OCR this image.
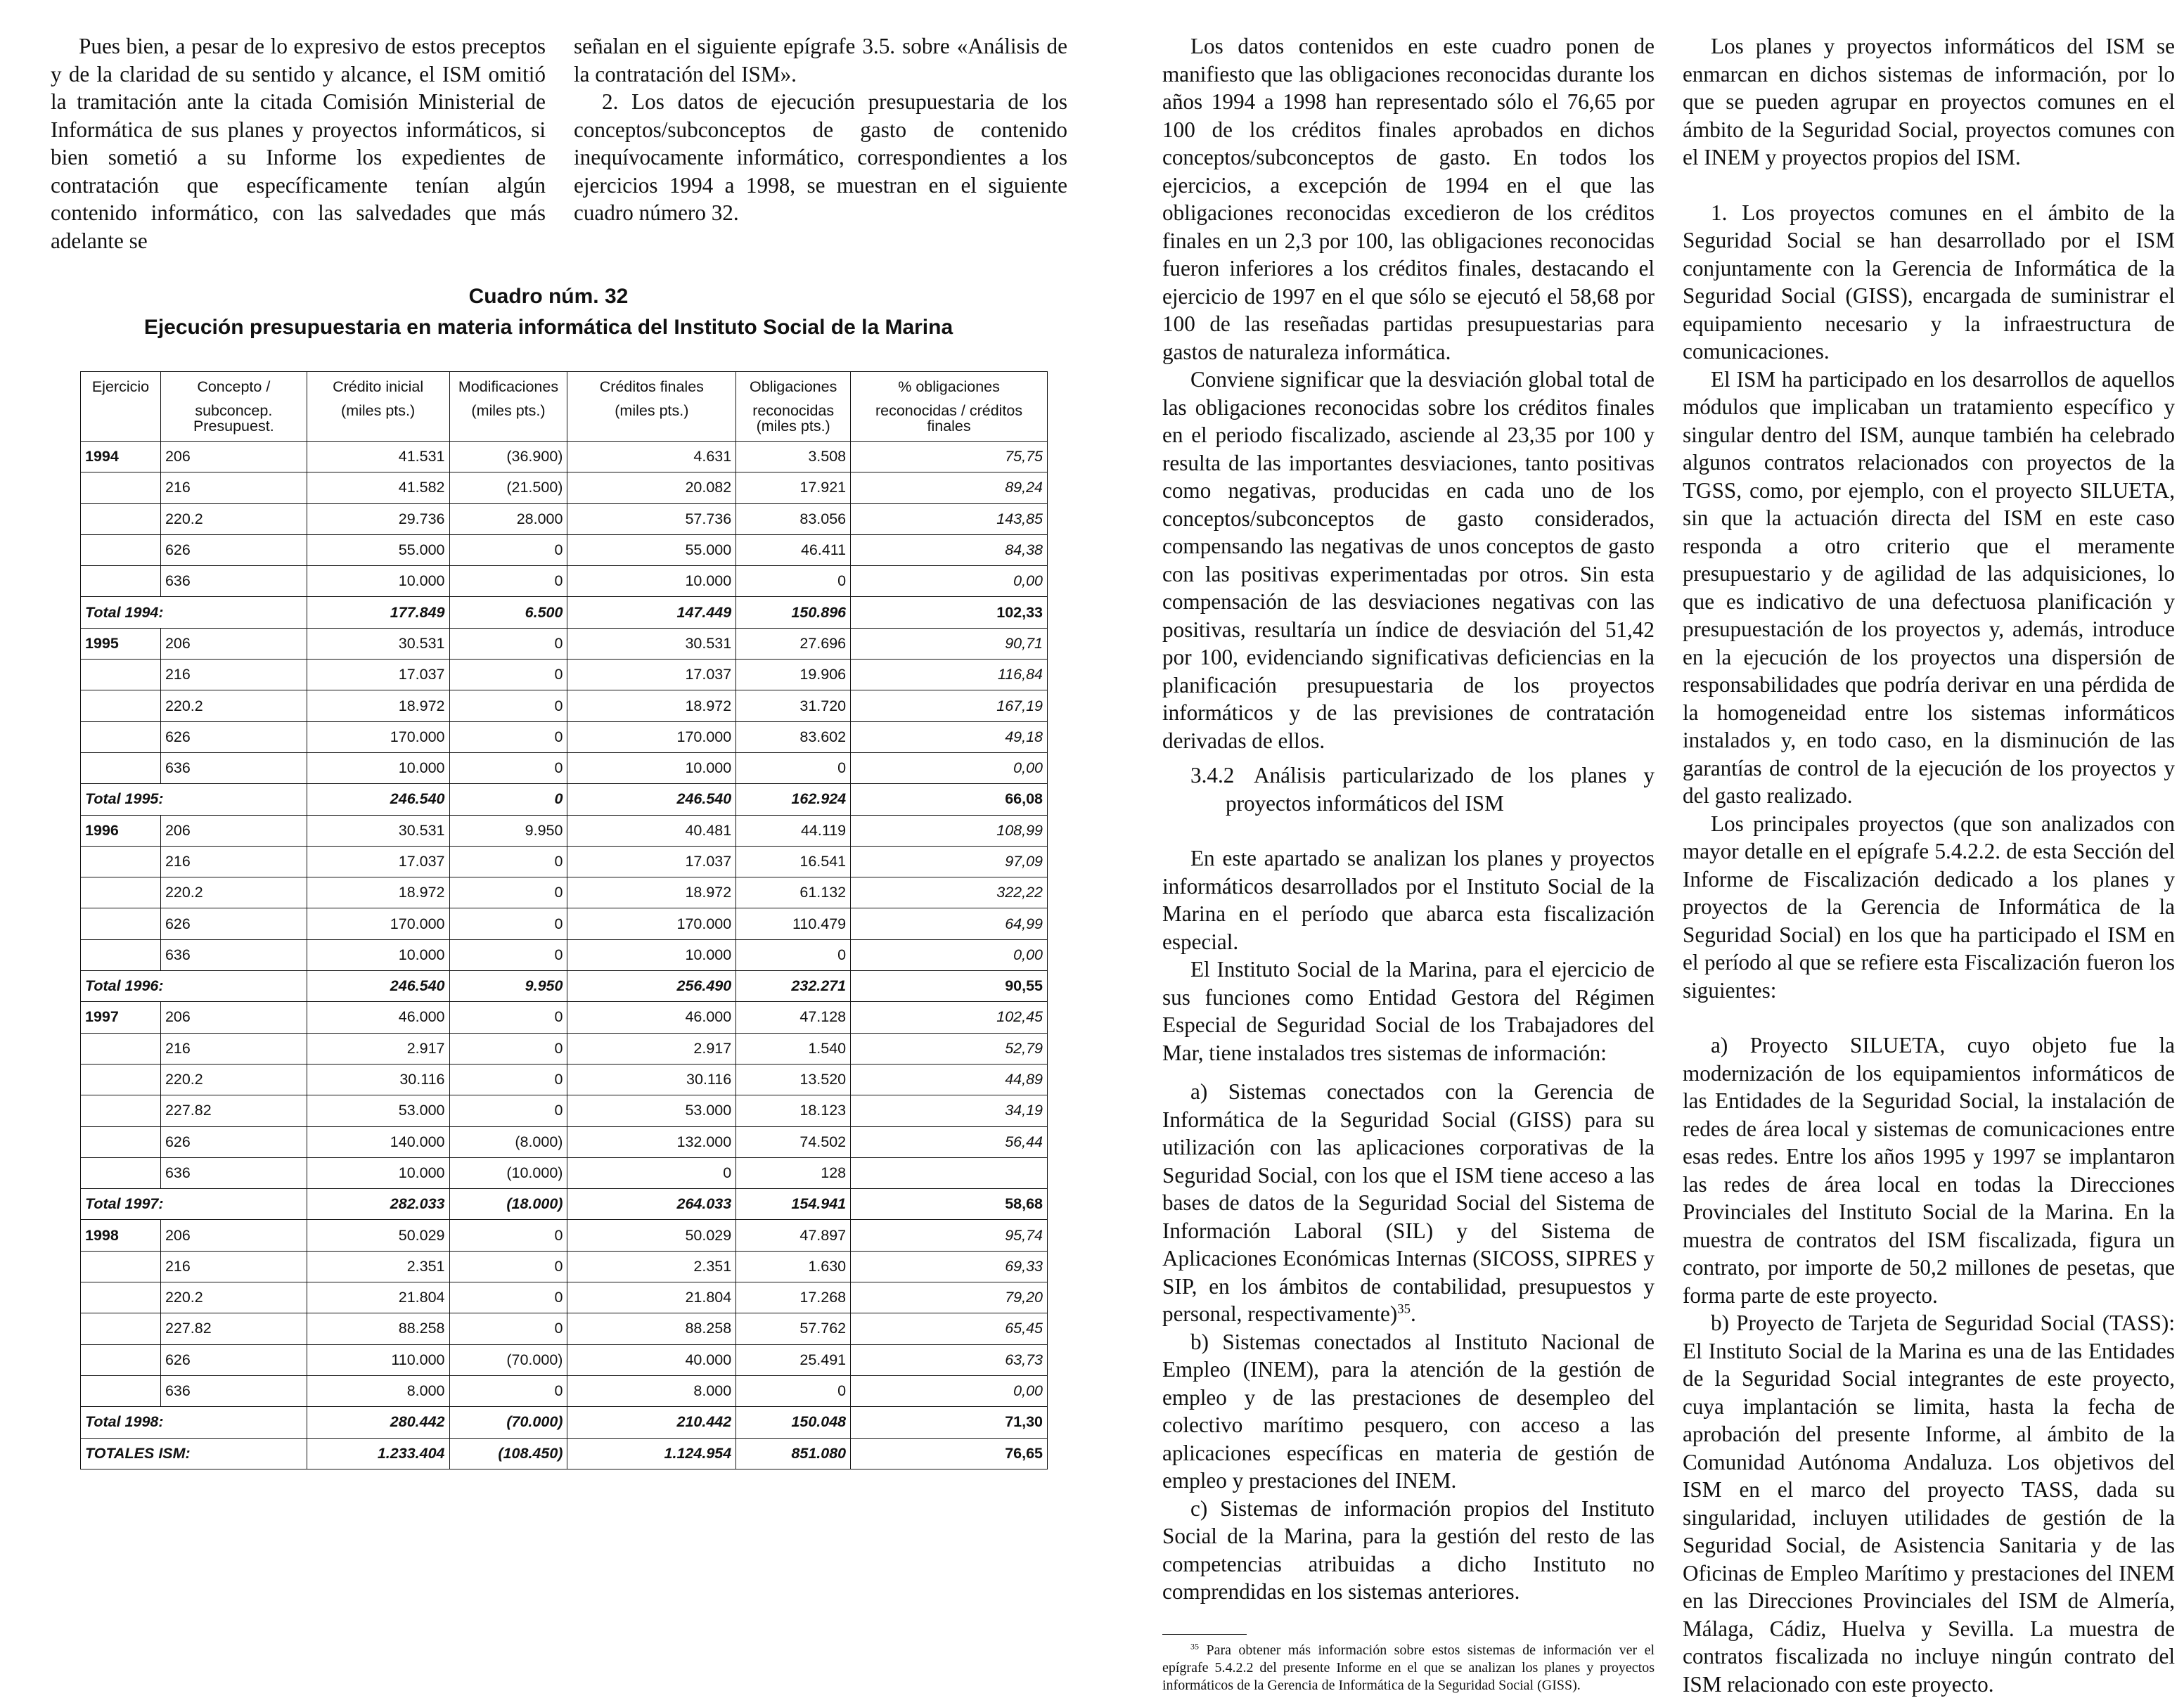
Pues bien, a pesar de lo expresivo de estos preceptos y de la claridad de su sentido y alcance, el ISM omitió la tramitación ante la citada Comisión Ministerial de Informática de sus planes y proyectos informáticos, si bien sometió a su Informe los expedientes de contratación que específicamente tenían algún contenido informático, con las salvedades que más adelante se

señalan en el siguiente epígrafe 3.5. sobre «Análisis de la contratación del ISM».

2. Los datos de ejecución presupuestaria de los conceptos/subconceptos de gasto de contenido inequívocamente informático, correspondientes a los ejercicios 1994 a 1998, se muestran en el siguiente cuadro número 32.

Cuadro núm. 32
Ejecución presupuestaria en materia informática del Instituto Social de la Marina
Ejercicio	Concepto /	Crédito inicial	Modificaciones	Créditos finales	Obligaciones	% obligaciones
	subconcep.	(miles pts.)	(miles pts.)	(miles pts.)	reconocidas	reconocidas / créditos
	Presupuest.				(miles pts.)	finales
1994	206	41.531	(36.900)	4.631	3.508	75,75
	216	41.582	(21.500)	20.082	17.921	89,24
	220.2	29.736	28.000	57.736	83.056	143,85
	626	55.000	0	55.000	46.411	84,38
	636	10.000	0	10.000	0	0,00
Total 1994:		177.849	6.500	147.449	150.896	102,33
1995	206	30.531	0	30.531	27.696	90,71
	216	17.037	0	17.037	19.906	116,84
	220.2	18.972	0	18.972	31.720	167,19
	626	170.000	0	170.000	83.602	49,18
	636	10.000	0	10.000	0	0,00
Total 1995:		246.540	0	246.540	162.924	66,08
1996	206	30.531	9.950	40.481	44.119	108,99
	216	17.037	0	17.037	16.541	97,09
	220.2	18.972	0	18.972	61.132	322,22
	626	170.000	0	170.000	110.479	64,99
	636	10.000	0	10.000	0	0,00
Total 1996:		246.540	9.950	256.490	232.271	90,55
1997	206	46.000	0	46.000	47.128	102,45
	216	2.917	0	2.917	1.540	52,79
	220.2	30.116	0	30.116	13.520	44,89
	227.82	53.000	0	53.000	18.123	34,19
	626	140.000	(8.000)	132.000	74.502	56,44
	636	10.000	(10.000)	0	128	
Total 1997:		282.033	(18.000)	264.033	154.941	58,68
1998	206	50.029	0	50.029	47.897	95,74
	216	2.351	0	2.351	1.630	69,33
	220.2	21.804	0	21.804	17.268	79,20
	227.82	88.258	0	88.258	57.762	65,45
	626	110.000	(70.000)	40.000	25.491	63,73
	636	8.000	0	8.000	0	0,00
Total 1998:		280.442	(70.000)	210.442	150.048	71,30
TOTALES ISM:		1.233.404	(108.450)	1.124.954	851.080	76,65

Los datos contenidos en este cuadro ponen de manifiesto que las obligaciones reconocidas durante los años 1994 a 1998 han representado sólo el 76,65 por 100 de los créditos finales aprobados en dichos conceptos/subconceptos de gasto. En todos los ejercicios, a excepción de 1994 en el que las obligaciones reconocidas excedieron de los créditos finales en un 2,3 por 100, las obligaciones reconocidas fueron inferiores a los créditos finales, destacando el ejercicio de 1997 en el que sólo se ejecutó el 58,68 por 100 de las reseñadas partidas presupuestarias para gastos de naturaleza informática.

Conviene significar que la desviación global total de las obligaciones reconocidas sobre los créditos finales en el periodo fiscalizado, asciende al 23,35 por 100 y resulta de las importantes desviaciones, tanto positivas como negativas, producidas en cada uno de los conceptos/subconceptos de gasto considerados, compensando las negativas de unos conceptos de gasto con las positivas experimentadas por otros. Sin esta compensación de las desviaciones negativas con las positivas, resultaría un índice de desviación del 51,42 por 100, evidenciando significativas deficiencias en la planificación presupuestaria de los proyectos informáticos y de las previsiones de contratación derivadas de ellos.

3.4.2 Análisis particularizado de los planes y proyectos informáticos del ISM

En este apartado se analizan los planes y proyectos informáticos desarrollados por el Instituto Social de la Marina en el período que abarca esta fiscalización especial.

El Instituto Social de la Marina, para el ejercicio de sus funciones como Entidad Gestora del Régimen Especial de Seguridad Social de los Trabajadores del Mar, tiene instalados tres sistemas de información:

a) Sistemas conectados con la Gerencia de Informática de la Seguridad Social (GISS) para su utilización con las aplicaciones corporativas de la Seguridad Social, con los que el ISM tiene acceso a las bases de datos de la Seguridad Social del Sistema de Información Laboral (SIL) y del Sistema de Aplicaciones Económicas Internas (SICOSS, SIPRES y SIP, en los ámbitos de contabilidad, presupuestos y personal, respectivamente)$^{35}$.

b) Sistemas conectados al Instituto Nacional de Empleo (INEM), para la atención de la gestión de empleo y de las prestaciones de desempleo del colectivo marítimo pesquero, con acceso a las aplicaciones específicas en materia de gestión de empleo y prestaciones del INEM.

c) Sistemas de información propios del Instituto Social de la Marina, para la gestión del resto de las competencias atribuidas a dicho Instituto no comprendidas en los sistemas anteriores.

$^{35}$ Para obtener más información sobre estos sistemas de información ver el epígrafe 5.4.2.2 del presente Informe en el que se analizan los planes y proyectos informáticos de la Gerencia de Informática de la Seguridad Social (GISS).

Los planes y proyectos informáticos del ISM se enmarcan en dichos sistemas de información, por lo que se pueden agrupar en proyectos comunes en el ámbito de la Seguridad Social, proyectos comunes con el INEM y proyectos propios del ISM.

1. Los proyectos comunes en el ámbito de la Seguridad Social se han desarrollado por el ISM conjuntamente con la Gerencia de Informática de la Seguridad Social (GISS), encargada de suministrar el equipamiento necesario y la infraestructura de comunicaciones.

El ISM ha participado en los desarrollos de aquellos módulos que implicaban un tratamiento específico y singular dentro del ISM, aunque también ha celebrado algunos contratos relacionados con proyectos de la TGSS, como, por ejemplo, con el proyecto SILUETA, sin que la actuación directa del ISM en este caso responda a otro criterio que el meramente presupuestario y de agilidad de las adquisiciones, lo que es indicativo de una defectuosa planificación y presupuestación de los proyectos y, además, introduce en la ejecución de los proyectos una dispersión de responsabilidades que podría derivar en una pérdida de la homogeneidad entre los sistemas informáticos instalados y, en todo caso, en la disminución de las garantías de control de la ejecución de los proyectos y del gasto realizado.

Los principales proyectos (que son analizados con mayor detalle en el epígrafe 5.4.2.2. de esta Sección del Informe de Fiscalización dedicado a los planes y proyectos de la Gerencia de Informática de la Seguridad Social) en los que ha participado el ISM en el período al que se refiere esta Fiscalización fueron los siguientes:

a) Proyecto SILUETA, cuyo objeto fue la modernización de los equipamientos informáticos de las Entidades de la Seguridad Social, la instalación de redes de área local y sistemas de comunicaciones entre esas redes. Entre los años 1995 y 1997 se implantaron las redes de área local en todas la Direcciones Provinciales del Instituto Social de la Marina. En la muestra de contratos del ISM fiscalizada, figura un contrato, por importe de 50,2 millones de pesetas, que forma parte de este proyecto.

b) Proyecto de Tarjeta de Seguridad Social (TASS): El Instituto Social de la Marina es una de las Entidades de la Seguridad Social integrantes de este proyecto, cuya implantación se limita, hasta la fecha de aprobación del presente Informe, al ámbito de la Comunidad Autónoma Andaluza. Los objetivos del ISM en el marco del proyecto TASS, dada su singularidad, incluyen utilidades de gestión de la Seguridad Social, de Asistencia Sanitaria y de las Oficinas de Empleo Marítimo y prestaciones del INEM en las Direcciones Provinciales del ISM de Almería, Málaga, Cádiz, Huelva y Sevilla. La muestra de contratos fiscalizada no incluye ningún contrato del ISM relacionado con este proyecto.
